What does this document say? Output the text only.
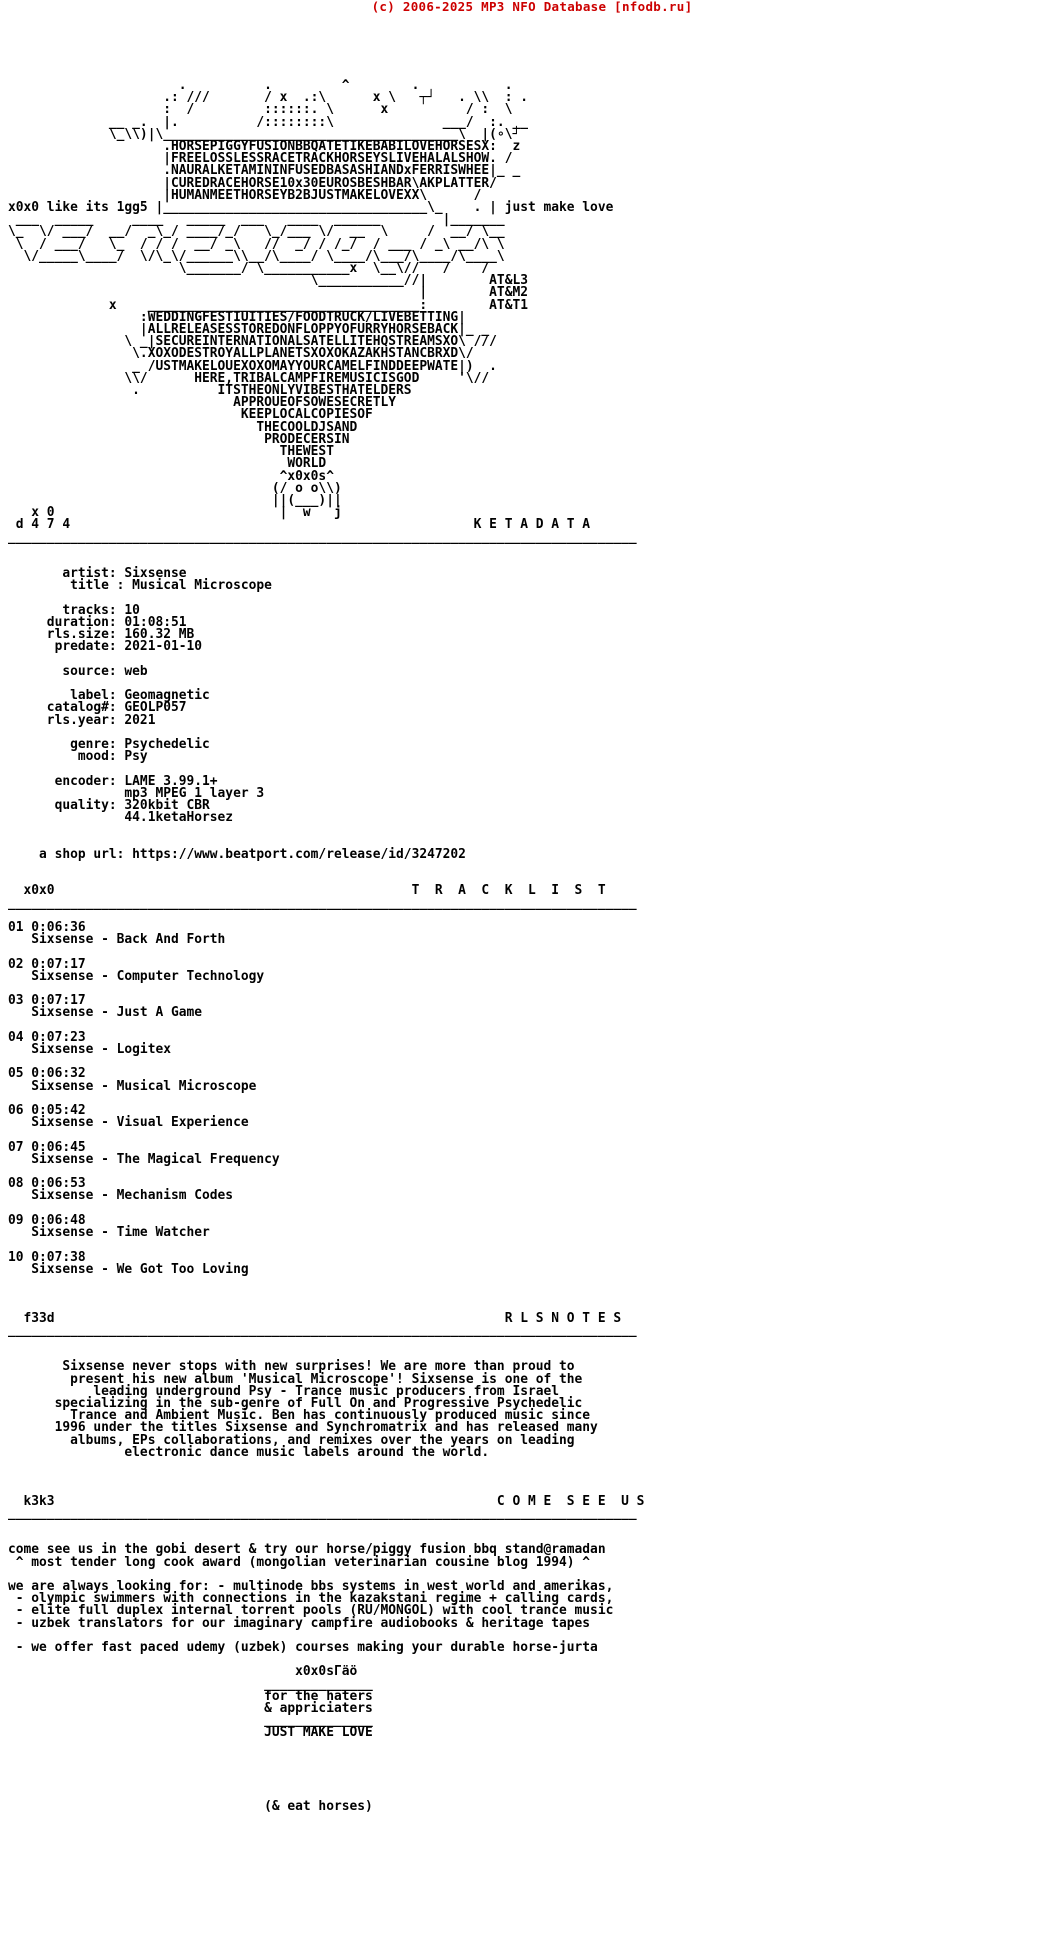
(c) 2006-2025 MP3 NFO Database [nfodb.ru]
.          .         ^        .           .
.: ///       / x  .:\      x \   ┬┘   . \\  : .
:  /         ::::::. \      x          / :  \
__ _.  |.          /::::::::\              ___/  :. __
\_\\)|\______________________________________\  |(∘\┘
.HORSEPIGGYFUSIONBBQATETIKEBABILOVEHORSESX:  z
|FREELOSSLESSRACETRACKHORSEYSLIVEHALALSHOW. /
.NAURALKETAMININFUSEDBASASHIANDxFERRISWHEE|_ _
|CUREDRACEHORSE10x30EUROSBESHBAR\AKPLATTER/
|HUMANMEETHORSEYB2BJUSTMAKELOVEXX\      /
x0x0 like its 1gg5 |__________________________________\_    . | just make love
___  _____     ____   _____  ___   ____  ______        |_______
\_  \/ ___/  __/  _\_/ ____/_/   \_/___ \/  __  \     /  __/ \__
\  / ___/   \_  / / /  __/ _\   //  _/ / /_/  / ___ / _\ __/\ \
\/_____\____/  \/\_\/______\\__/\____/ \____/\___/\____/\____\
\_______/ \___________x  \__\//   /    /
\___________//|        AT&L3
|        AT&M2
x    ___________________________________:        AT&T1
:WEDDINGFESTIUITIES/FOODTRUCK/LIVEBETTING|
|ALLRELEASESSTOREDONFLOPPYOFURRYHORSEBACK|_ _
\ _|SECUREINTERNATIONALSATELLITEHQSTREAMSXO\ ///
\.XOXODESTROYALLPLANETSXOXOKAZAKHSTANCBRXD\/
_ /USTMAKELOUEXOXOMAYYOURCAMELFINDDEEPWATE|)  .
\\/      HERE,TRIBALCAMPFIREMUSICISGOD     '\//
.          ITSTHEONLYVIBESTHATELDERS
APPROUEOFSOWESECRETLY
KEEPLOCALCOPIESOF
THECOOLDJSAND
PRODECERSIN
THEWEST
WORLD
^x0x0s^
(/ o o\\)
||(___)||
x 0                             |  w   j
d 4 7 4                                                    K E T A D A T A
_________________________________________________________________________________

artist: Sixsense
title : Musical Microscope

tracks: 10
duration: 01:08:51
rls.size: 160.32 MB
predate: 2021-01-10

source: web

label: Geomagnetic
catalog#: GEOLP057
rls.year: 2021

genre: Psychedelic
mood: Psy

encoder: LAME 3.99.1+
mp3 MPEG 1 layer 3
quality: 320kbit CBR
44.1ketaHorsez

a shop url: https://www.beatport.com/release/id/3247202

x0x0                                              T  R  A  C  K  L  I  S  T
_________________________________________________________________________________

01 0:06:36
Sixsense - Back And Forth

02 0:07:17
Sixsense - Computer Technology

03 0:07:17
Sixsense - Just A Game

04 0:07:23
Sixsense - Logitex

05 0:06:32
Sixsense - Musical Microscope

06 0:05:42
Sixsense - Visual Experience

07 0:06:45
Sixsense - The Magical Frequency

08 0:06:53
Sixsense - Mechanism Codes

09 0:06:48
Sixsense - Time Watcher

10 0:07:38
Sixsense - We Got Too Loving

f33d                                                          R L S N O T E S
_________________________________________________________________________________

Sixsense never stops with new surprises! We are more than proud to
present his new album 'Musical Microscope'! Sixsense is one of the
leading underground Psy - Trance music producers from Israel
specializing in the sub-genre of Full On and Progressive Psychedelic
Trance and Ambient Music. Ben has continuously produced music since
1996 under the titles Sixsense and Synchromatrix and has released many
albums, EPs collaborations, and remixes over the years on leading
electronic dance music labels around the world.

k3k3                                                         C O M E  S E E  U S
_________________________________________________________________________________

come see us in the gobi desert & try our horse/piggy fusion bbq stand@ramadan
^ most tender long cook award (mongolian veterinarian cousine blog 1994) ^

we are always looking for: - multinode bbs systems in west world and amerikas,
- olympic swimmers with connections in the kazakstani regime + calling cards,
- elite full duplex internal torrent pools (RU/MONGOL) with cool trance music
- uzbek translators for our imaginary campfire audiobooks & heritage tapes

- we offer fast paced udemy (uzbek) courses making your durable horse-jurta

x0x0sГäö
______________
for the haters
& appriciaters
______________
JUST MAKE LOVE

(& eat horses)
